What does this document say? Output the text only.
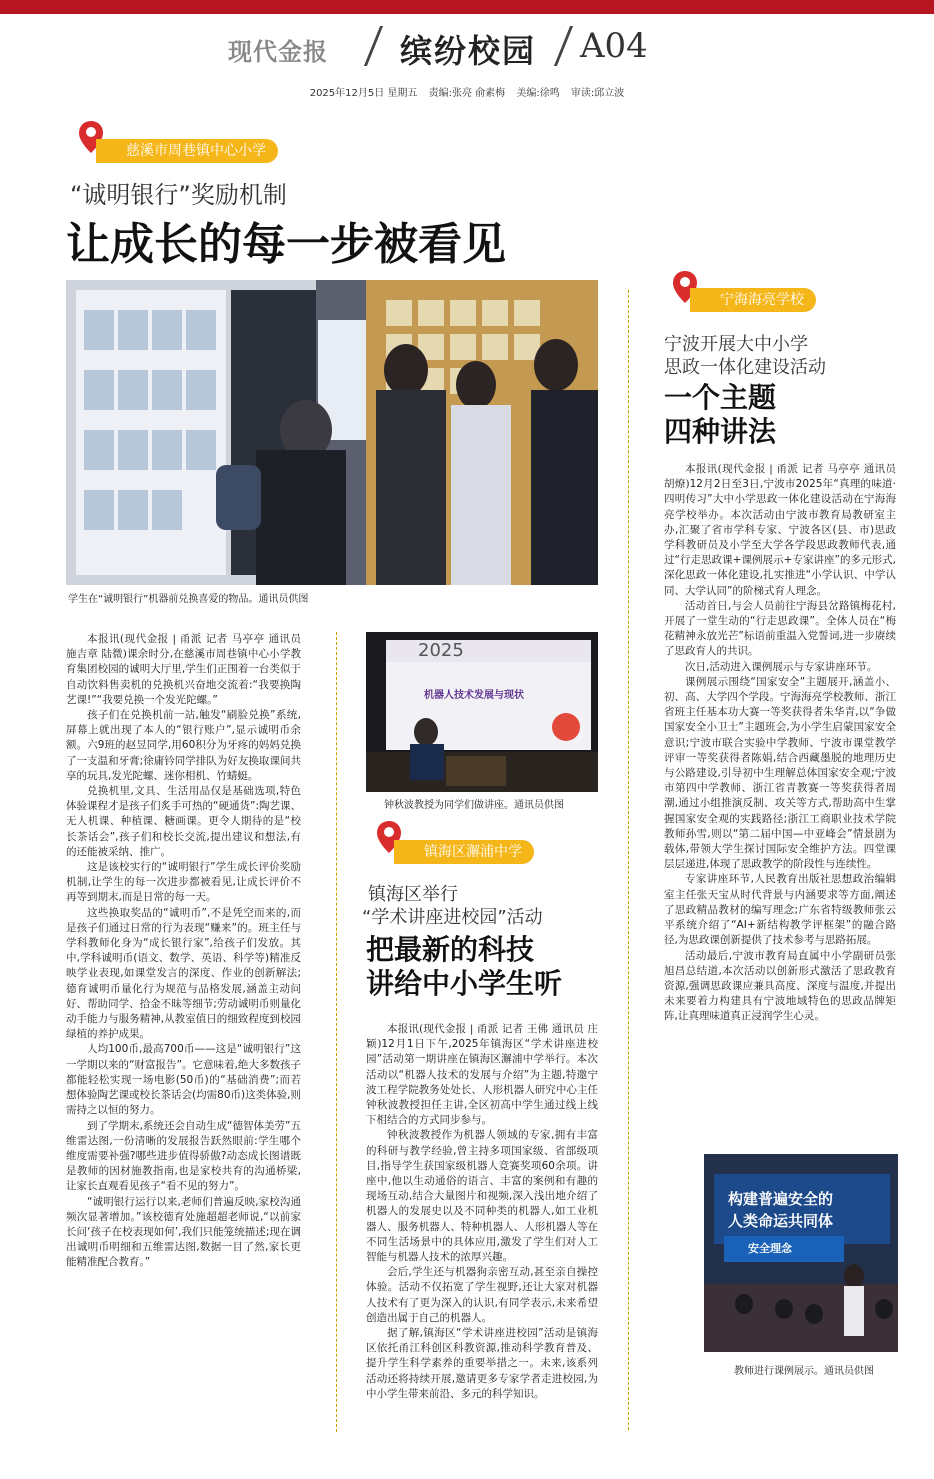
现代金报 缤纷校园 A04
2025年12月5日 星期五 责编:张亮 俞素梅 美编:徐鸣 审读:邱立波
慈溪市周巷镇中心小学
“诚明银行”奖励机制
让成长的每一步被看见
学生在“诚明银行”机器前兑换喜爱的物品。通讯员供图

本报讯(现代金报 | 甬派 记者 马亭亭 通讯员 施吉章 陆微)课余时分,在慈溪市周巷镇中心小学教育集团校园的诚明大厅里,学生们正围着一台类似于自动饮料售卖机的兑换机兴奋地交流着:“我要换陶艺课!”“我要兑换一个发光陀螺。”

孩子们在兑换机前一站,触发“刷脸兑换”系统,屏幕上就出现了本人的“银行账户”,显示诚明币余额。六9班的赵昱同学,用60积分为牙疼的妈妈兑换了一支温和牙膏;徐庸钤同学排队为好友换取课间共享的玩具,发光陀螺、迷你相机、竹蜻蜓。

兑换机里,文具、生活用品仅是基础选项,特色体验课程才是孩子们炙手可热的“硬通货”:陶艺课、无人机课、种植课、糖画课。更令人期待的是“校长茶话会”,孩子们和校长交流,提出建议和想法,有的还能被采纳、推广。

这是该校实行的“诚明银行”学生成长评价奖励机制,让学生的每一次进步都被看见,让成长评价不再等到期末,而是日常的每一天。

这些换取奖品的“诚明币”,不是凭空而来的,而是孩子们通过日常的行为表现“赚来”的。班主任与学科教师化身为“成长银行家”,给孩子们发放。其中,学科诚明币(语文、数学、英语、科学等)精准反映学业表现,如课堂发言的深度、作业的创新解法;德育诚明币量化行为规范与品格发展,涵盖主动问好、帮助同学、拾金不昧等细节;劳动诚明币则量化动手能力与服务精神,从教室值日的细致程度到校园绿植的养护成果。

人均100币,最高700币——这是“诚明银行”这一学期以来的“财富报告”。它意味着,绝大多数孩子都能轻松实现一场电影(50币)的“基础消费”;而若想体验陶艺课或校长茶话会(均需80币)这类体验,则需持之以恒的努力。

到了学期末,系统还会自动生成“德智体美劳”五维雷达图,一份清晰的发展报告跃然眼前:学生哪个维度需要补强?哪些进步值得骄傲?动态成长图谱既是教师的因材施教指南,也是家校共育的沟通桥梁,让家长直观看见孩子“看不见的努力”。

“诚明银行运行以来,老师们普遍反映,家校沟通频次显著增加。”该校德育处施超超老师说,“以前家长问‘孩子在校表现如何’,我们只能笼统描述;现在调出诚明币明细和五维雷达图,数据一目了然,家长更能精准配合教育。”

2025
机器人技术发展与现状
钟秋波教授为同学们做讲座。通讯员供图
镇海区澥浦中学
镇海区举行
“学术讲座进校园”活动
把最新的科技
讲给中小学生听

本报讯(现代金报 | 甬派 记者 王佛 通讯员 庄颖)12月1日下午,2025年镇海区“学术讲座进校园”活动第一期讲座在镇海区澥浦中学举行。本次活动以“机器人技术的发展与介绍”为主题,特邀宁波工程学院教务处处长、人形机器人研究中心主任钟秋波教授担任主讲,全区初高中学生通过线上线下相结合的方式同步参与。

钟秋波教授作为机器人领域的专家,拥有丰富的科研与教学经验,曾主持多项国家级、省部级项目,指导学生获国家级机器人竞赛奖项60余项。讲座中,他以生动通俗的语言、丰富的案例和有趣的现场互动,结合大量图片和视频,深入浅出地介绍了机器人的发展史以及不同种类的机器人,如工业机器人、服务机器人、特种机器人、人形机器人等在不同生活场景中的具体应用,激发了学生们对人工智能与机器人技术的浓厚兴趣。

会后,学生还与机器狗亲密互动,甚至亲自操控体验。活动不仅拓宽了学生视野,还让大家对机器人技术有了更为深入的认识,有同学表示,未来希望创造出属于自己的机器人。

据了解,镇海区“学术讲座进校园”活动是镇海区依托甬江科创区科教资源,推动科学教育普及、提升学生科学素养的重要举措之一。未来,该系列活动还将持续开展,邀请更多专家学者走进校园,为中小学生带来前沿、多元的科学知识。

宁海海亮学校
宁波开展大中小学
思政一体化建设活动
一个主题
四种讲法

本报讯(现代金报 | 甬派 记者 马亭亭 通讯员 胡燎)12月2日至3日,宁波市2025年“真理的味道·四明传习”大中小学思政一体化建设活动在宁海海亮学校举办。本次活动由宁波市教育局教研室主办,汇聚了省市学科专家、宁波各区(县、市)思政学科教研员及小学至大学各学段思政教师代表,通过“行走思政课+课例展示+专家讲座”的多元形式,深化思政一体化建设,扎实推进“小学认识、中学认同、大学认同”的阶梯式育人理念。

活动首日,与会人员前往宁海县岔路镇梅花村,开展了一堂生动的“行走思政课”。全体人员在“梅花精神永放光芒”标语前重温入党誓词,进一步赓续了思政育人的共识。

次日,活动进入课例展示与专家讲座环节。

课例展示围绕“国家安全”主题展开,涵盖小、初、高、大学四个学段。宁海海亮学校教师、浙江省班主任基本功大赛一等奖获得者朱华青,以“争做国家安全小卫士”主题班会,为小学生启蒙国家安全意识;宁波市联合实验中学教师、宁波市课堂教学评审一等奖获得者陈娟,结合西藏墨脱的地理历史与公路建设,引导初中生理解总体国家安全观;宁波市第四中学教师、浙江省青教赛一等奖获得者周潮,通过小组推演反制、攻关等方式,帮助高中生掌握国家安全观的实践路径;浙江工商职业技术学院教师孙雪,则以“第二届中国—中亚峰会”情景剧为载体,带领大学生探讨国际安全维护方法。四堂课层层递进,体现了思政教学的阶段性与连续性。

专家讲座环节,人民教育出版社思想政治编辑室主任张天宝从时代背景与内涵要求等方面,阐述了思政精品教材的编写理念;广东省特级教师张云平系统介绍了“AI+新结构教学评框架”的融合路径,为思政课创新提供了技术参考与思路拓展。

活动最后,宁波市教育局直属中小学副研员张旭昌总结道,本次活动以创新形式激活了思政教育资源,强调思政课应兼具高度、深度与温度,并提出未来要着力构建具有宁波地域特色的思政品牌矩阵,让真理味道真正浸润学生心灵。

构建普遍安全的
人类命运共同体
安全理念
教师进行课例展示。通讯员供图
